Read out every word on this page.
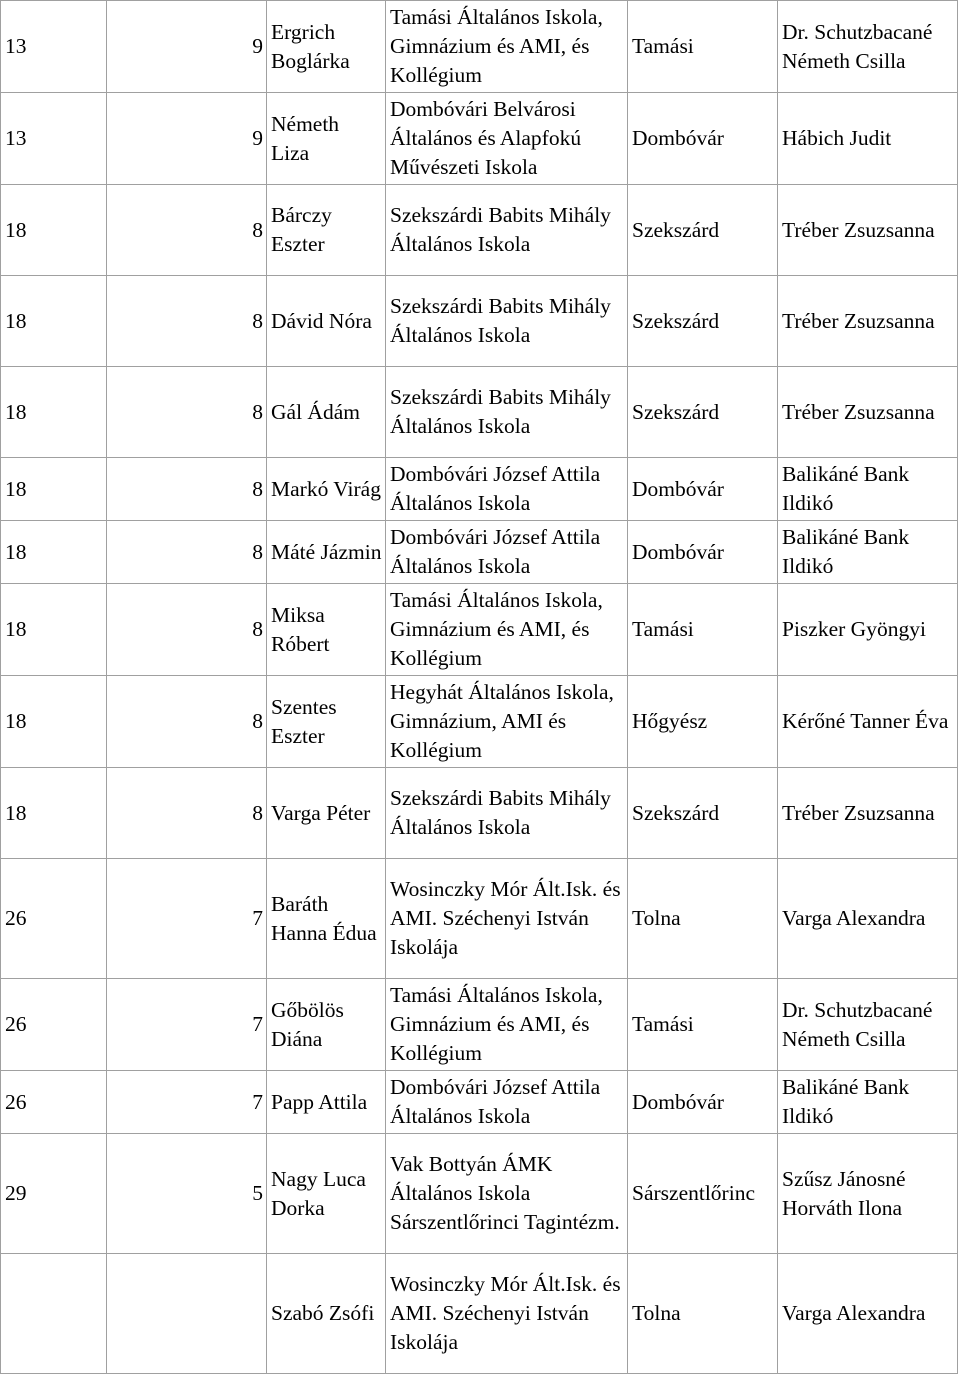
13	9	Ergrich Boglárka	Tamási Általános Iskola, Gimnázium és AMI, és Kollégium	Tamási	Dr. Schutzbacané Németh Csilla

13	9	Németh Liza	Dombóvári Belvárosi Általános és Alapfokú Művészeti Iskola	Dombóvár	Hábich Judit

18	8	Bárczy Eszter	Szekszárdi Babits Mihály Általános Iskola	Szekszárd	Tréber Zsuzsanna

18	8	Dávid Nóra	Szekszárdi Babits Mihály Általános Iskola	Szekszárd	Tréber Zsuzsanna

18	8	Gál Ádám	Szekszárdi Babits Mihály Általános Iskola	Szekszárd	Tréber Zsuzsanna

18	8	Markó Virág	Dombóvári József Attila Általános Iskola	Dombóvár	Balikáné Bank Ildikó

18	8	Máté Jázmin	Dombóvári József Attila Általános Iskola	Dombóvár	Balikáné Bank Ildikó

18	8	Miksa Róbert	Tamási Általános Iskola, Gimnázium és AMI, és Kollégium	Tamási	Piszker Gyöngyi

18	8	Szentes Eszter	Hegyhát Általános Iskola, Gimnázium, AMI és Kollégium	Hőgyész	Kérőné Tanner Éva

18	8	Varga Péter	Szekszárdi Babits Mihály Általános Iskola	Szekszárd	Tréber Zsuzsanna

26	7	Baráth Hanna Édua	Wosinczky Mór Ált.Isk. és AMI. Széchenyi István Iskolája	Tolna	Varga Alexandra

26	7	Gőbölös Diána	Tamási Általános Iskola, Gimnázium és AMI, és Kollégium	Tamási	Dr. Schutzbacané Németh Csilla

26	7	Papp Attila	Dombóvári József Attila Általános Iskola	Dombóvár	Balikáné Bank Ildikó

29	5	Nagy Luca Dorka	Vak Bottyán ÁMK Általános Iskola Sárszentlőrinci Tagintézm.	Sárszentlőrinc	Szűsz Jánosné Horváth Ilona

		Szabó Zsófi	Wosinczky Mór Ált.Isk. és AMI. Széchenyi István Iskolája	Tolna	Varga Alexandra
